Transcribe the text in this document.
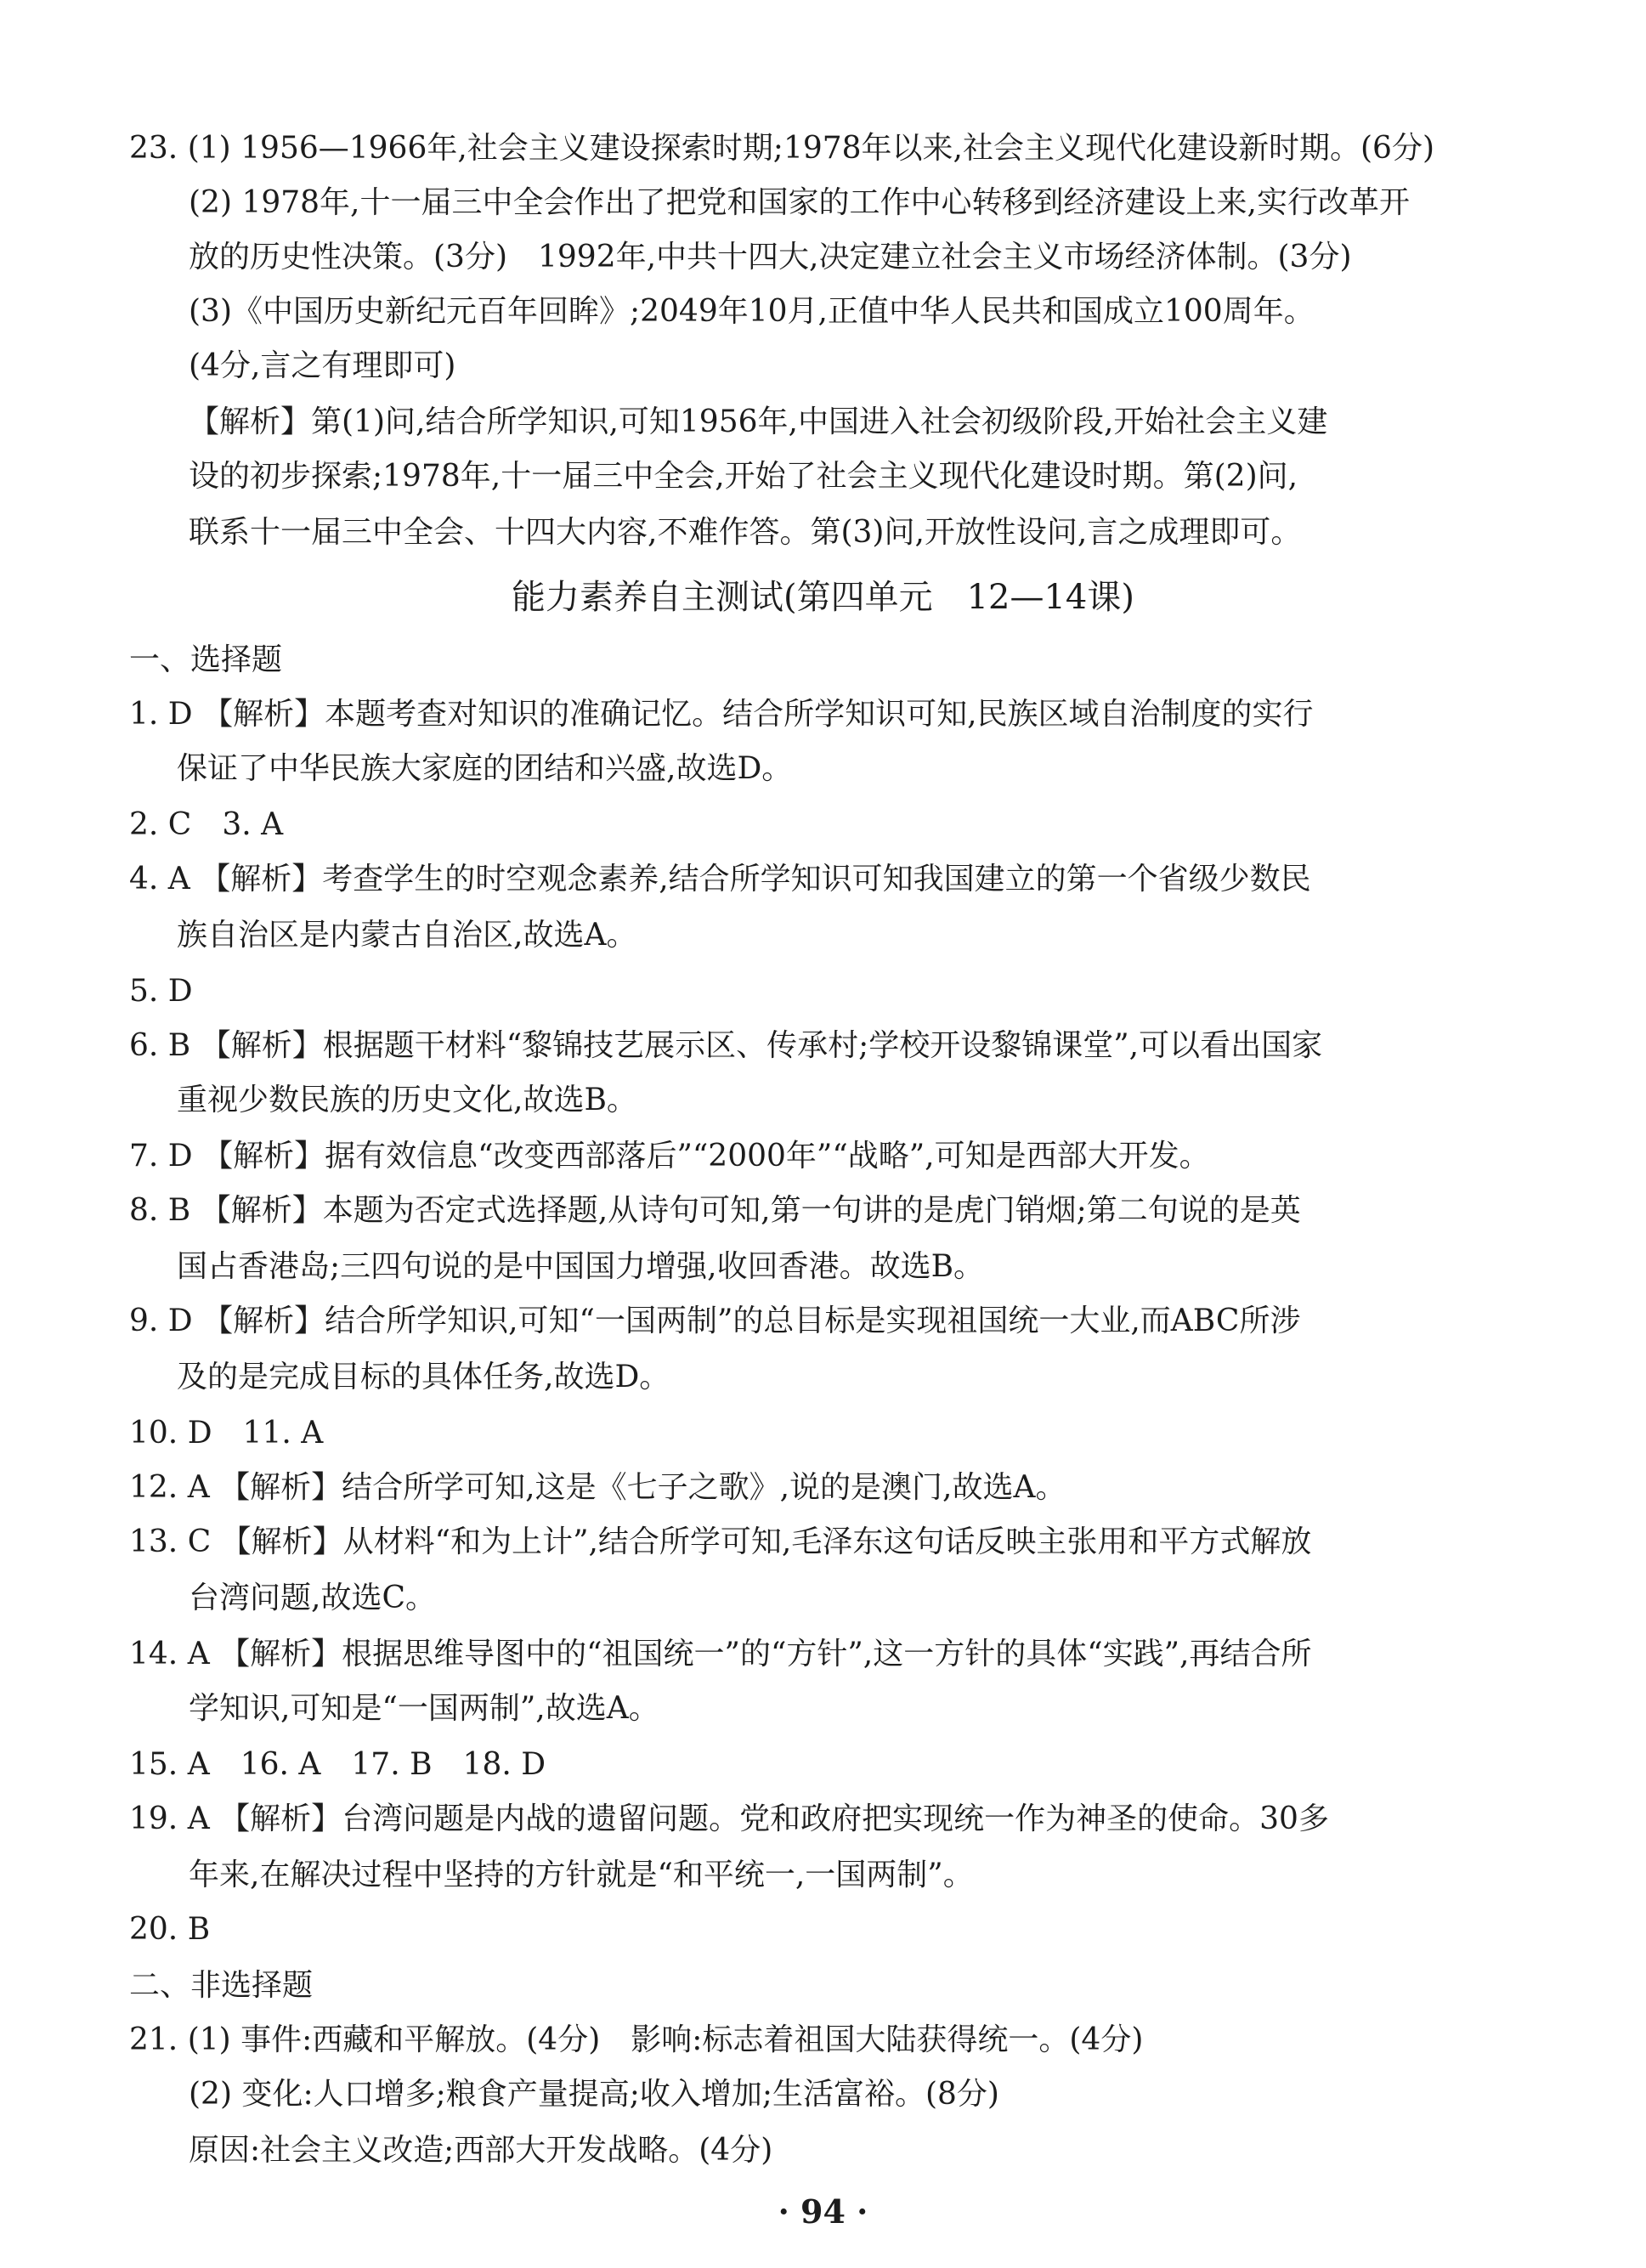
23. (1) 1956—1966年,社会主义建设探索时期;1978年以来,社会主义现代化建设新时期。(6分)
(2) 1978年,十一届三中全会作出了把党和国家的工作中心转移到经济建设上来,实行改革开
放的历史性决策。(3分)　1992年,中共十四大,决定建立社会主义市场经济体制。(3分)
(3)《中国历史新纪元百年回眸》;2049年10月,正值中华人民共和国成立100周年。
(4分,言之有理即可)
【解析】第(1)问,结合所学知识,可知1956年,中国进入社会初级阶段,开始社会主义建
设的初步探索;1978年,十一届三中全会,开始了社会主义现代化建设时期。第(2)问,
联系十一届三中全会、十四大内容,不难作答。第(3)问,开放性设问,言之成理即可。
能力素养自主测试(第四单元　12—14课)
一、选择题
1. D 【解析】本题考查对知识的准确记忆。结合所学知识可知,民族区域自治制度的实行
保证了中华民族大家庭的团结和兴盛,故选D。
2. C　3. A
4. A 【解析】考查学生的时空观念素养,结合所学知识可知我国建立的第一个省级少数民
族自治区是内蒙古自治区,故选A。
5. D
6. B 【解析】根据题干材料“黎锦技艺展示区、传承村;学校开设黎锦课堂”,可以看出国家
重视少数民族的历史文化,故选B。
7. D 【解析】据有效信息“改变西部落后”“2000年”“战略”,可知是西部大开发。
8. B 【解析】本题为否定式选择题,从诗句可知,第一句讲的是虎门销烟;第二句说的是英
国占香港岛;三四句说的是中国国力增强,收回香港。故选B。
9. D 【解析】结合所学知识,可知“一国两制”的总目标是实现祖国统一大业,而ABC所涉
及的是完成目标的具体任务,故选D。
10. D　11. A
12. A 【解析】结合所学可知,这是《七子之歌》,说的是澳门,故选A。
13. C 【解析】从材料“和为上计”,结合所学可知,毛泽东这句话反映主张用和平方式解放
台湾问题,故选C。
14. A 【解析】根据思维导图中的“祖国统一”的“方针”,这一方针的具体“实践”,再结合所
学知识,可知是“一国两制”,故选A。
15. A　16. A　17. B　18. D
19. A 【解析】台湾问题是内战的遗留问题。党和政府把实现统一作为神圣的使命。30多
年来,在解决过程中坚持的方针就是“和平统一,一国两制”。
20. B
二、非选择题
21. (1) 事件:西藏和平解放。(4分)　影响:标志着祖国大陆获得统一。(4分)
(2) 变化:人口增多;粮食产量提高;收入增加;生活富裕。(8分)
原因:社会主义改造;西部大开发战略。(4分)
· 94 ·
